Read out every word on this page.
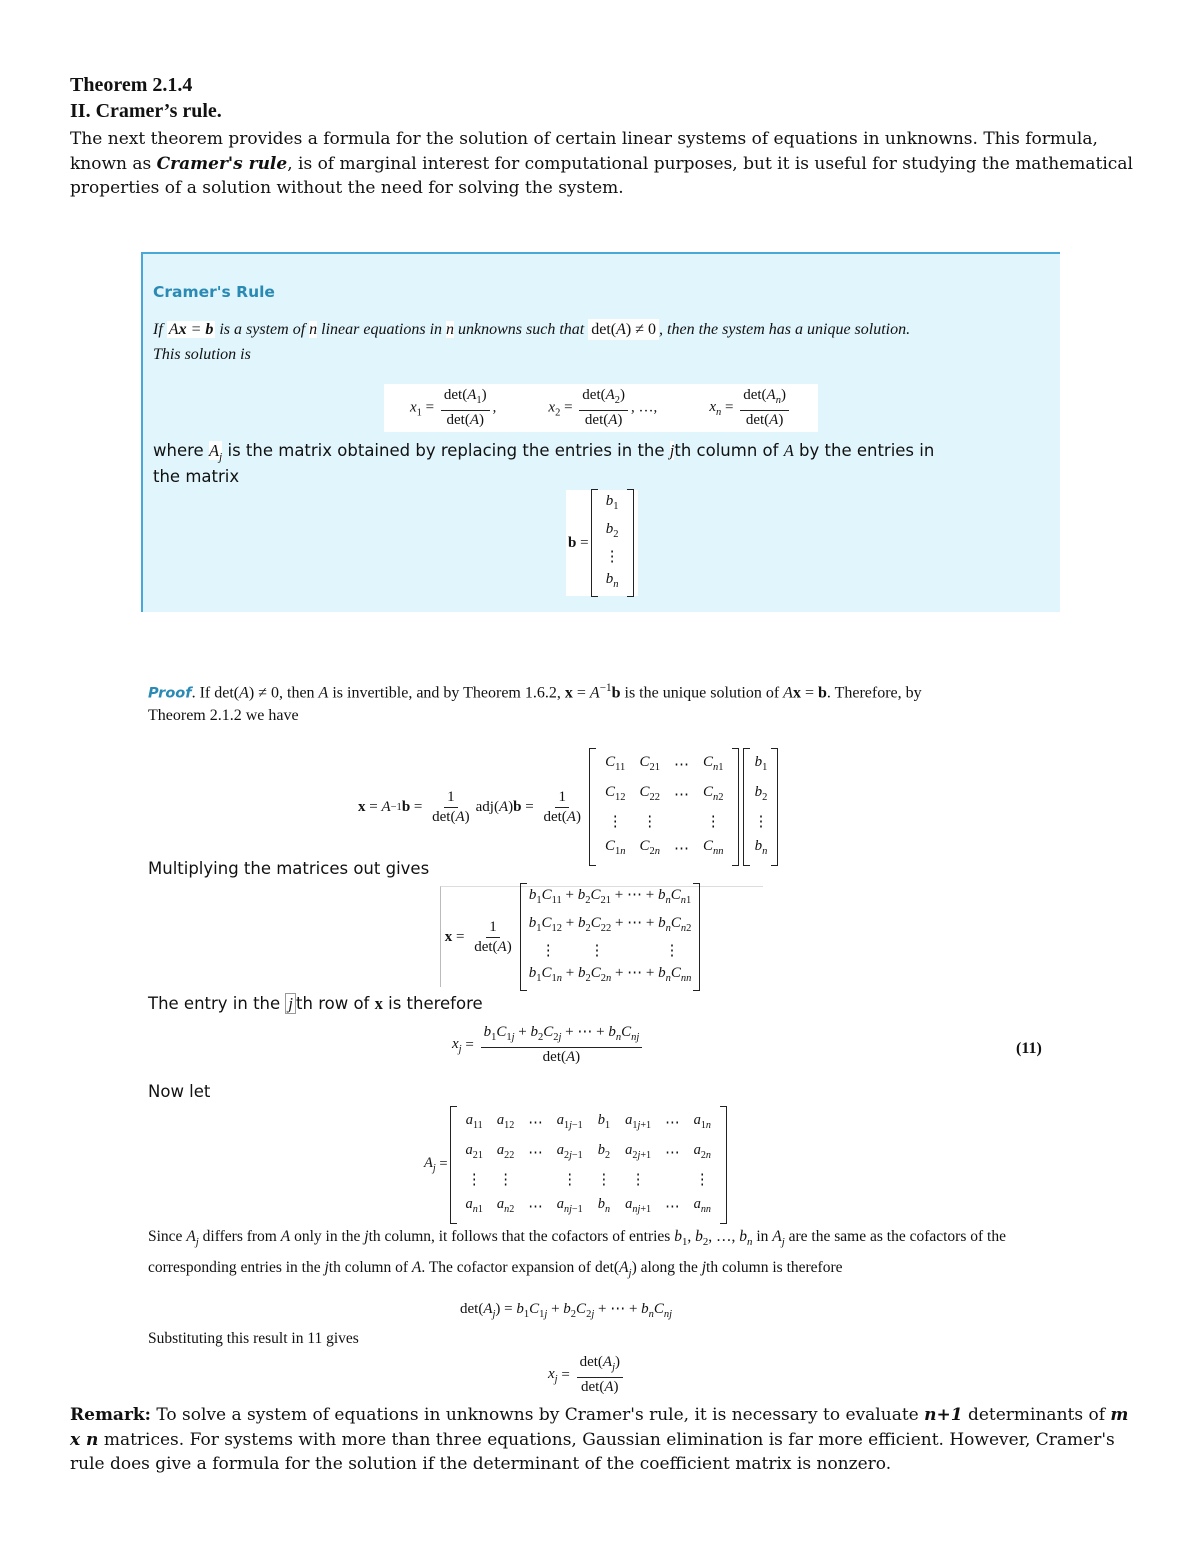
Theorem 2.1.4
II. Cramer’s rule.
The next theorem provides a formula for the solution of certain linear systems of equations in unknowns. This formula, known as Cramer's rule, is of marginal interest for computational purposes, but it is useful for studying the mathematical properties of a solution without the need for solving the system.
Cramer's Rule
If Ax = b is a system of n linear equations in n unknowns such that det(A) ≠ 0 , then the system has a unique solution.
This solution is
$x_1 = \frac{\det(A_1)}{\det(A)}$ ,	$x_2 = \frac{\det(A_2)}{\det(A)}$ , …,	$x_n = \frac{\det(A_n)}{\det(A)}$
where $A_j$ is the matrix obtained by replacing the entries in the jth column of A by the entries in
the matrix
b =
$b_1$
$b_2$
⋮
$b_n$
Proof. If det(A) ≠ 0, then A is invertible, and by Theorem 1.6.2, $x = A^{-1}b$ is the unique solution of Ax = b. Therefore, by
Theorem 2.1.2 we have
x = A −1 $b = \frac{1}{\det(A)} adj$( A ) $b = \frac{1}{\det(A)}$
$C_{11}$	$C_{21}$	⋯	$C_{n1}$
$C_{12}$	$C_{22}$	⋯	$C_{n2}$
⋮	⋮		⋮
$C_{1n}$	$C_{2n}$	⋯	$C_{nn}$
$b_1$
$b_2$
⋮
$b_n$
Multiplying the matrices out gives

$x = \frac{1}{\det(A)}$
$b_1C_{11} + b_2C_{21}$ + ⋯ + $b_nC_{n1}$
$b_1C_{12} + b_2C_{22}$ + ⋯ + $b_nC_{n2}$
⋮         ⋮                ⋮
$b_1C_{1n} + b_2C_{2n}$ + ⋯ + $b_nC_{nn}$
The entry in the j th row of x is therefore
$x_j = \frac{b_1C_{1j} + b_2C_{2j} + \cdots + b_nC_{nj}}{\det(A)}$	(11)
Now let
$A_j$ =
$a_{11}$	$a_{12}$	⋯	$a_{1j-1}$	$b_1$	$a_{1j+1}$	⋯	$a_{1n}$
$a_{21}$	$a_{22}$	⋯	$a_{2j-1}$	$b_2$	$a_{2j+1}$	⋯	$a_{2n}$
⋮	⋮		⋮	⋮	⋮		⋮
$a_{n1}$	$a_{n2}$	⋯	$a_{nj-1}$	$b_n$	$a_{nj+1}$	⋯	$a_{nn}$
Since $A_j$ differs from A only in the jth column, it follows that the cofactors of entries $b_1$, $b_2$, …, $b_n$ in $A_j$ are the same as the cofactors of the corresponding entries in the jth column of A. The cofactor expansion of $\det(A_j)$ along the jth column is therefore
$\det(A_j) = b_1C_{1j} + b_2C_{2j}$ + ⋯ + $b_nC_{nj}$
Substituting this result in 11 gives
$x_j = \frac{\det(A_j)}{\det(A)}$
Remark: To solve a system of equations in unknowns by Cramer's rule, it is necessary to evaluate n+1 determinants of m x n matrices. For systems with more than three equations, Gaussian elimination is far more efficient. However, Cramer's rule does give a formula for the solution if the determinant of the coefficient matrix is nonzero.
